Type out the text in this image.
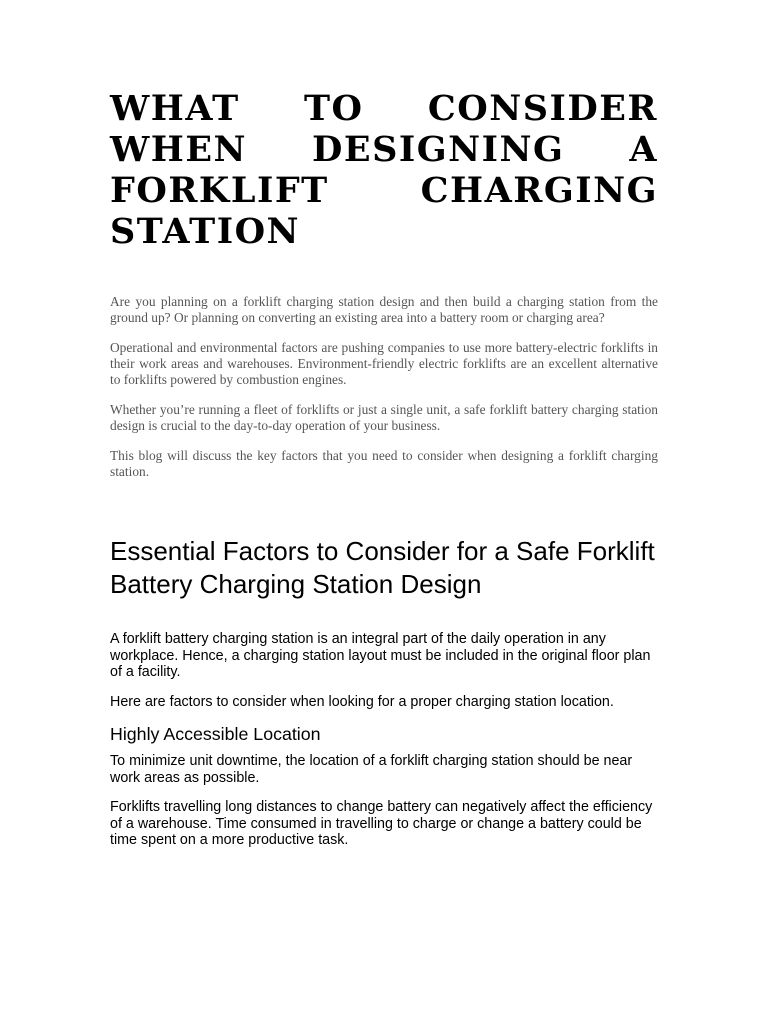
WHAT TO CONSIDER WHEN DESIGNING A FORKLIFT CHARGING STATION

Are you planning on a forklift charging station design and then build a charging station from the ground up? Or planning on converting an existing area into a battery room or charging area?

Operational and environmental factors are pushing companies to use more battery-electric forklifts in their work areas and warehouses. Environment-friendly electric forklifts are an excellent alternative to forklifts powered by combustion engines.

Whether you’re running a fleet of forklifts or just a single unit, a safe forklift battery charging station design is crucial to the day-to-day operation of your business.

This blog will discuss the key factors that you need to consider when designing a forklift charging station.

Essential Factors to Consider for a Safe Forklift Battery Charging Station Design

A forklift battery charging station is an integral part of the daily operation in any workplace. Hence, a charging station layout must be included in the original floor plan of a facility.

Here are factors to consider when looking for a proper charging station location.

Highly Accessible Location

To minimize unit downtime, the location of a forklift charging station should be near work areas as possible.

Forklifts travelling long distances to change battery can negatively affect the efficiency of a warehouse. Time consumed in travelling to charge or change a battery could be time spent on a more productive task.
